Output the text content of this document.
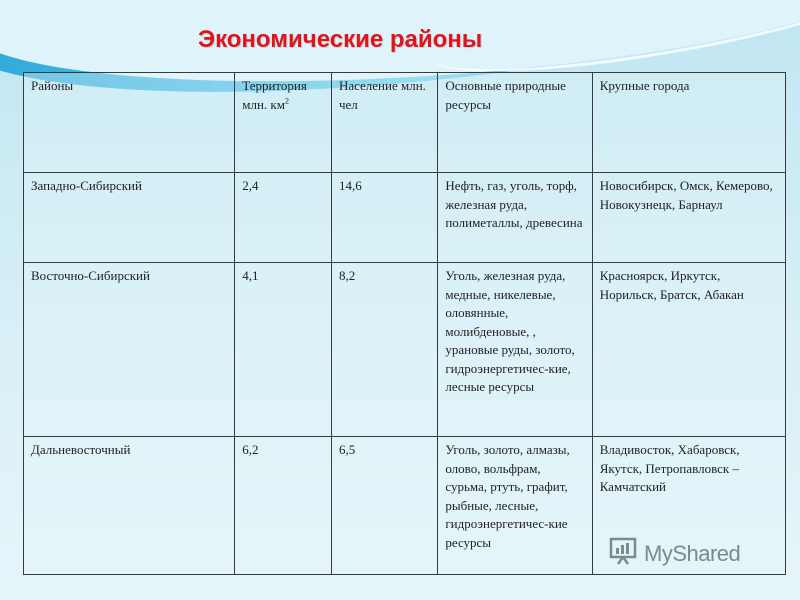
Экономические районы
Районы	Территория млн. $км^2$	Население млн. чел	Основные природные ресурсы	Крупные города
Западно-Сибирский	2,4	14,6	Нефть, газ, уголь, торф, железная руда, полиметаллы, древесина	Новосибирск, Омск, Кемерово, Новокузнецк, Барнаул
Восточно-Сибирский	4,1	8,2	Уголь, железная руда, медные, никелевые, оловянные, молибденовые, , урановые руды, золото, гидроэнергетичес-кие, лесные ресурсы	Красноярск, Иркутск, Норильск, Братск, Абакан
Дальневосточный	6,2	6,5	Уголь, золото, алмазы, олово, вольфрам, сурьма, ртуть, графит, рыбные, лесные, гидроэнергетичес-кие ресурсы	Владивосток, Хабаровск, Якутск, Петропавловск – Камчатский
MyShared
